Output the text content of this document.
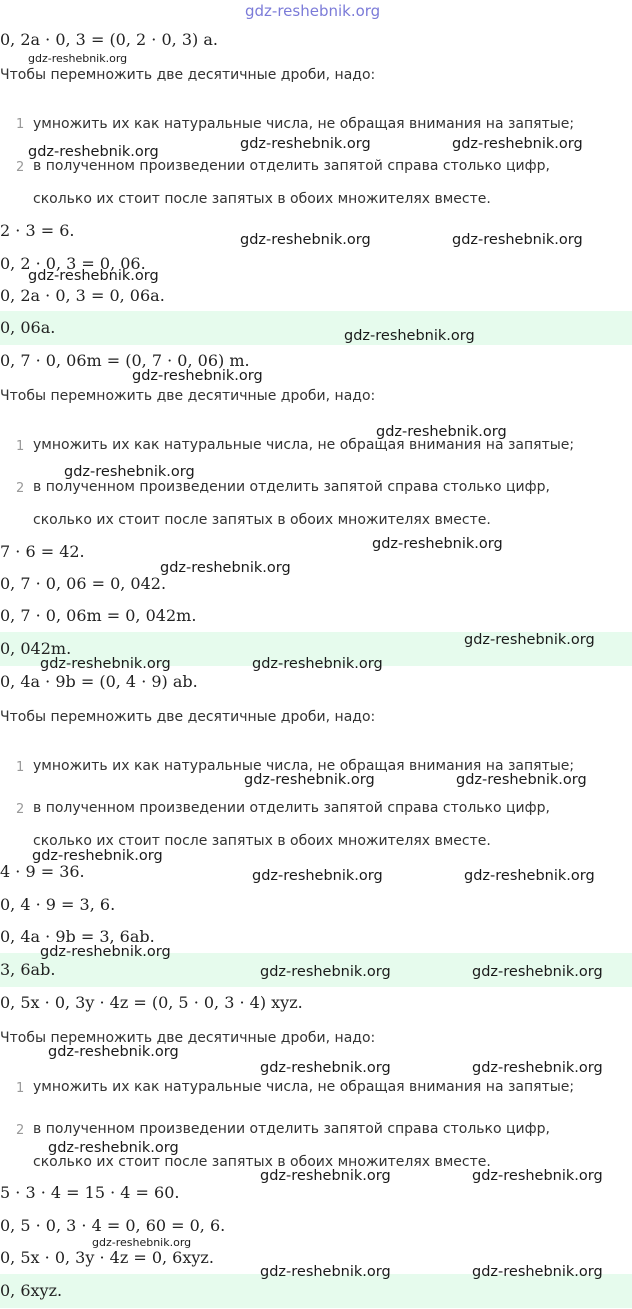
gdz-reshebnik.org
0, 2a · 0, 3 = (0, 2 · 0, 3) a.
Чтобы перемножить две десятичные дроби, надо:
1 умножить их как натуральные числа, не обращая внимания на запятые;
2 в полученном произведении отделить запятой справа столько цифр,
сколько их стоит после запятых в обоих множителях вместе.
2 · 3 = 6.
0, 2 · 0, 3 = 0, 06.
0, 2a · 0, 3 = 0, 06a.
0, 06a.
0, 7 · 0, 06m = (0, 7 · 0, 06) m.
Чтобы перемножить две десятичные дроби, надо:
1 умножить их как натуральные числа, не обращая внимания на запятые;
2 в полученном произведении отделить запятой справа столько цифр,
сколько их стоит после запятых в обоих множителях вместе.
7 · 6 = 42.
0, 7 · 0, 06 = 0, 042.
0, 7 · 0, 06m = 0, 042m.
0, 042m.
0, 4a · 9b = (0, 4 · 9) ab.
Чтобы перемножить две десятичные дроби, надо:
1 умножить их как натуральные числа, не обращая внимания на запятые;
2 в полученном произведении отделить запятой справа столько цифр,
сколько их стоит после запятых в обоих множителях вместе.
4 · 9 = 36.
0, 4 · 9 = 3, 6.
0, 4a · 9b = 3, 6ab.
3, 6ab.
0, 5x · 0, 3y · 4z = (0, 5 · 0, 3 · 4) xyz.
Чтобы перемножить две десятичные дроби, надо:
1 умножить их как натуральные числа, не обращая внимания на запятые;
2 в полученном произведении отделить запятой справа столько цифр,
сколько их стоит после запятых в обоих множителях вместе.
5 · 3 · 4 = 15 · 4 = 60.
0, 5 · 0, 3 · 4 = 0, 60 = 0, 6.
0, 5x · 0, 3y · 4z = 0, 6xyz.
0, 6xyz.
gdz-reshebnik.org
gdz-reshebnik.org	gdz-reshebnik.org	gdz-reshebnik.org
gdz-reshebnik.org	gdz-reshebnik.org
gdz-reshebnik.org
gdz-reshebnik.org
gdz-reshebnik.org
gdz-reshebnik.org
gdz-reshebnik.org
gdz-reshebnik.org
gdz-reshebnik.org
gdz-reshebnik.org
gdz-reshebnik.org	gdz-reshebnik.org
gdz-reshebnik.org	gdz-reshebnik.org
gdz-reshebnik.org
gdz-reshebnik.org	gdz-reshebnik.org
gdz-reshebnik.org
gdz-reshebnik.org	gdz-reshebnik.org
gdz-reshebnik.org
gdz-reshebnik.org	gdz-reshebnik.org
gdz-reshebnik.org
gdz-reshebnik.org	gdz-reshebnik.org
gdz-reshebnik.org
gdz-reshebnik.org	gdz-reshebnik.org
